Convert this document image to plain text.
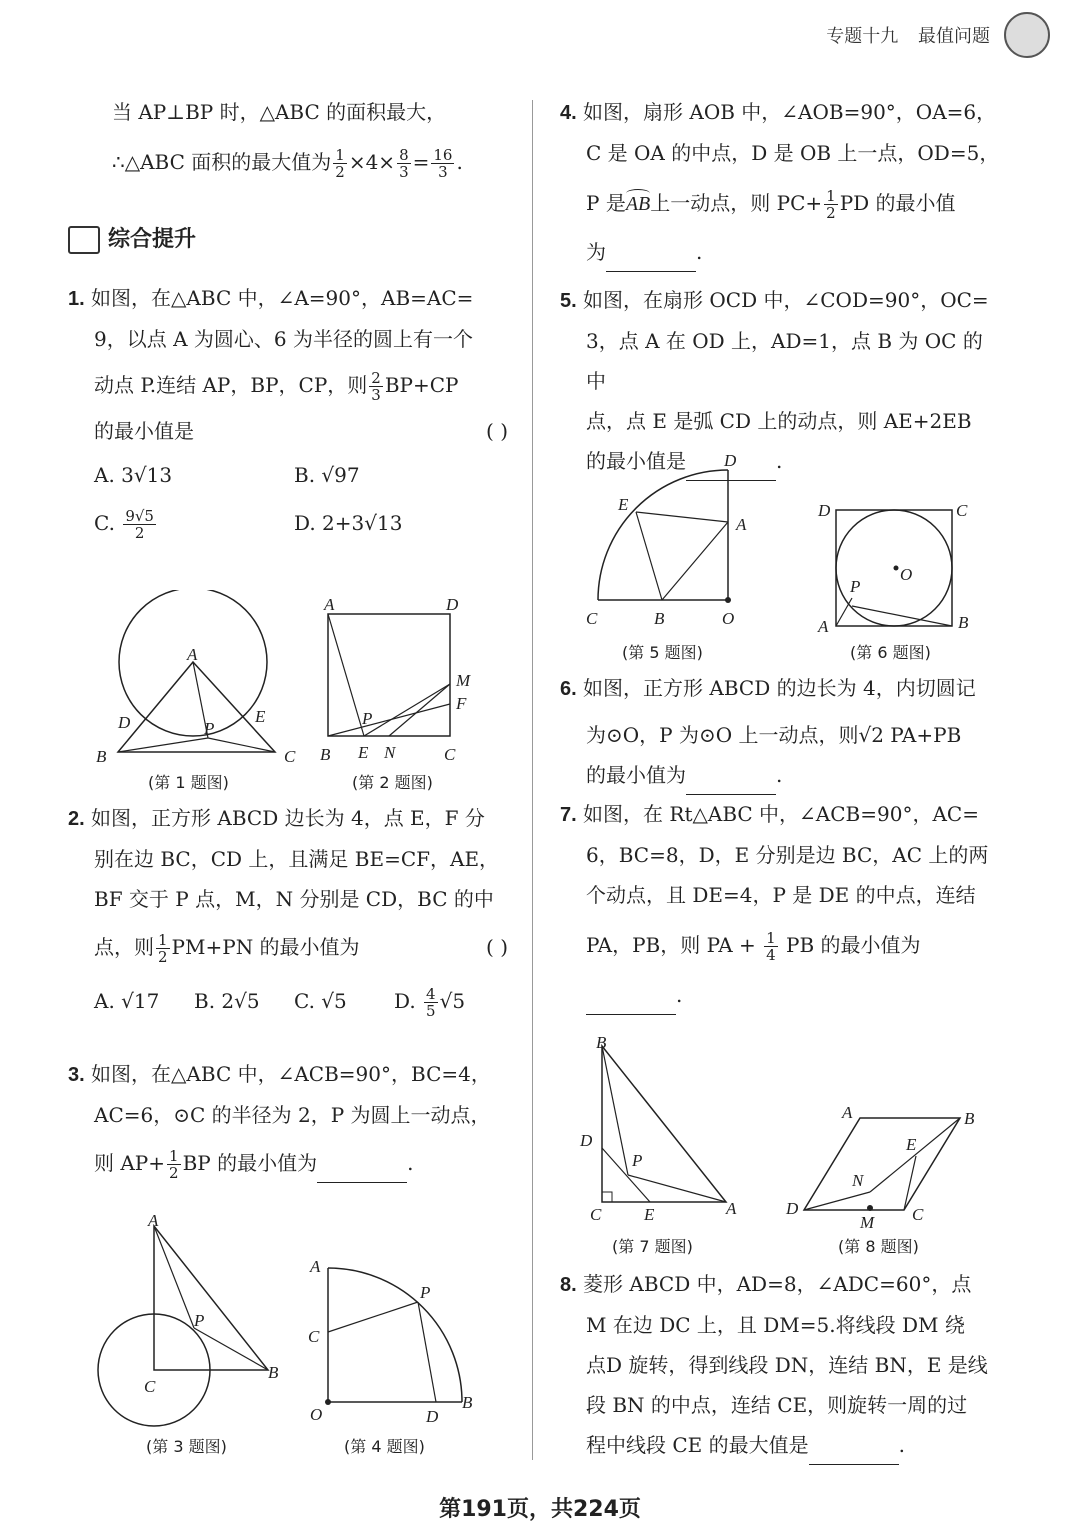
专题十九 最值问题

当 AP⊥BP 时，△ABC 的面积最大，

∴△ABC 面积的最大值为 $\frac{1}{2} \times 4\times \frac{8}{3} = \frac{16}{3}$ .

综合提升

1. 如图，在△ABC 中，∠A=90°，AB=AC=

9，以点 A 为圆心、6 为半径的圆上有一个

动点 P.连结 AP，BP，CP，则 $\frac{2}{3} BP+CP$

的最小值是	( )

A. 3√13	B. √97

C. $\frac{9√5}{2}$	D. 2+3√13

A
B	C
D	E
P
(第 1 题图)
A	D
B	C
E N
P
M
F
(第 2 题图)

2. 如图，正方形 ABCD 边长为 4，点 E，F 分

别在边 BC，CD 上，且满足 BE=CF，AE，

BF 交于 P 点，M，N 分别是 CD，BC 的中

点，则 $\frac{1}{2} PM+PN$ 的最小值为	( )

A. √17 B. 2√5 C. √5 D. $\frac{4}{5} √5$

3. 如图，在△ABC 中，∠ACB=90°，BC=4，

AC=6，⊙C 的半径为 2，P 为圆上一动点，

则 $AP+ \frac{1}{2}$ BP 的最小值为	.

A
C
B
P
(第 3 题图)
A
C
O	D
B
P
(第 4 题图)

4. 如图，扇形 AOB 中，∠AOB=90°，OA=6，

C 是 OA 的中点，D 是 OB 上一点，OD=5，

P 是
AB上一动点，则 $PC+ \frac{1}{2}$ PD 的最小值

为	.

5. 如图，在扇形 OCD 中，∠COD=90°，OC=

3，点 A 在 OD 上，AD=1，点 B 为 OC 的中

点，点 E 是弧 CD 上的动点，则 AE+2EB

的最小值是	.

D
E
A
C	B	O
(第 5 题图)
D	C
O
P
A	B
(第 6 题图)

6. 如图，正方形 ABCD 的边长为 4，内切圆记

为⊙O，P 为⊙O 上一动点，则√2 PA+PB

的最小值为	.

7. 如图，在 Rt△ABC 中，∠ACB=90°，AC=

6，BC=8，D，E 分别是边 BC，AC 上的两

个动点，且 DE=4，P 是 DE 的中点，连结

PA，PB，则 PA + $\frac{1}{4}$ PB 的最小值为

.

B
D
P
C	E	A
(第 7 题图)
A	B
E
N
D
M C
(第 8 题图)

8. 菱形 ABCD 中，AD=8，∠ADC=60°，点

M 在边 DC 上，且 DM=5.将线段 DM 绕

点D 旋转，得到线段 DN，连结 BN，E 是线

段 BN 的中点，连结 CE，则旋转一周的过

程中线段 CE 的最大值是	.

第191页，共224页
